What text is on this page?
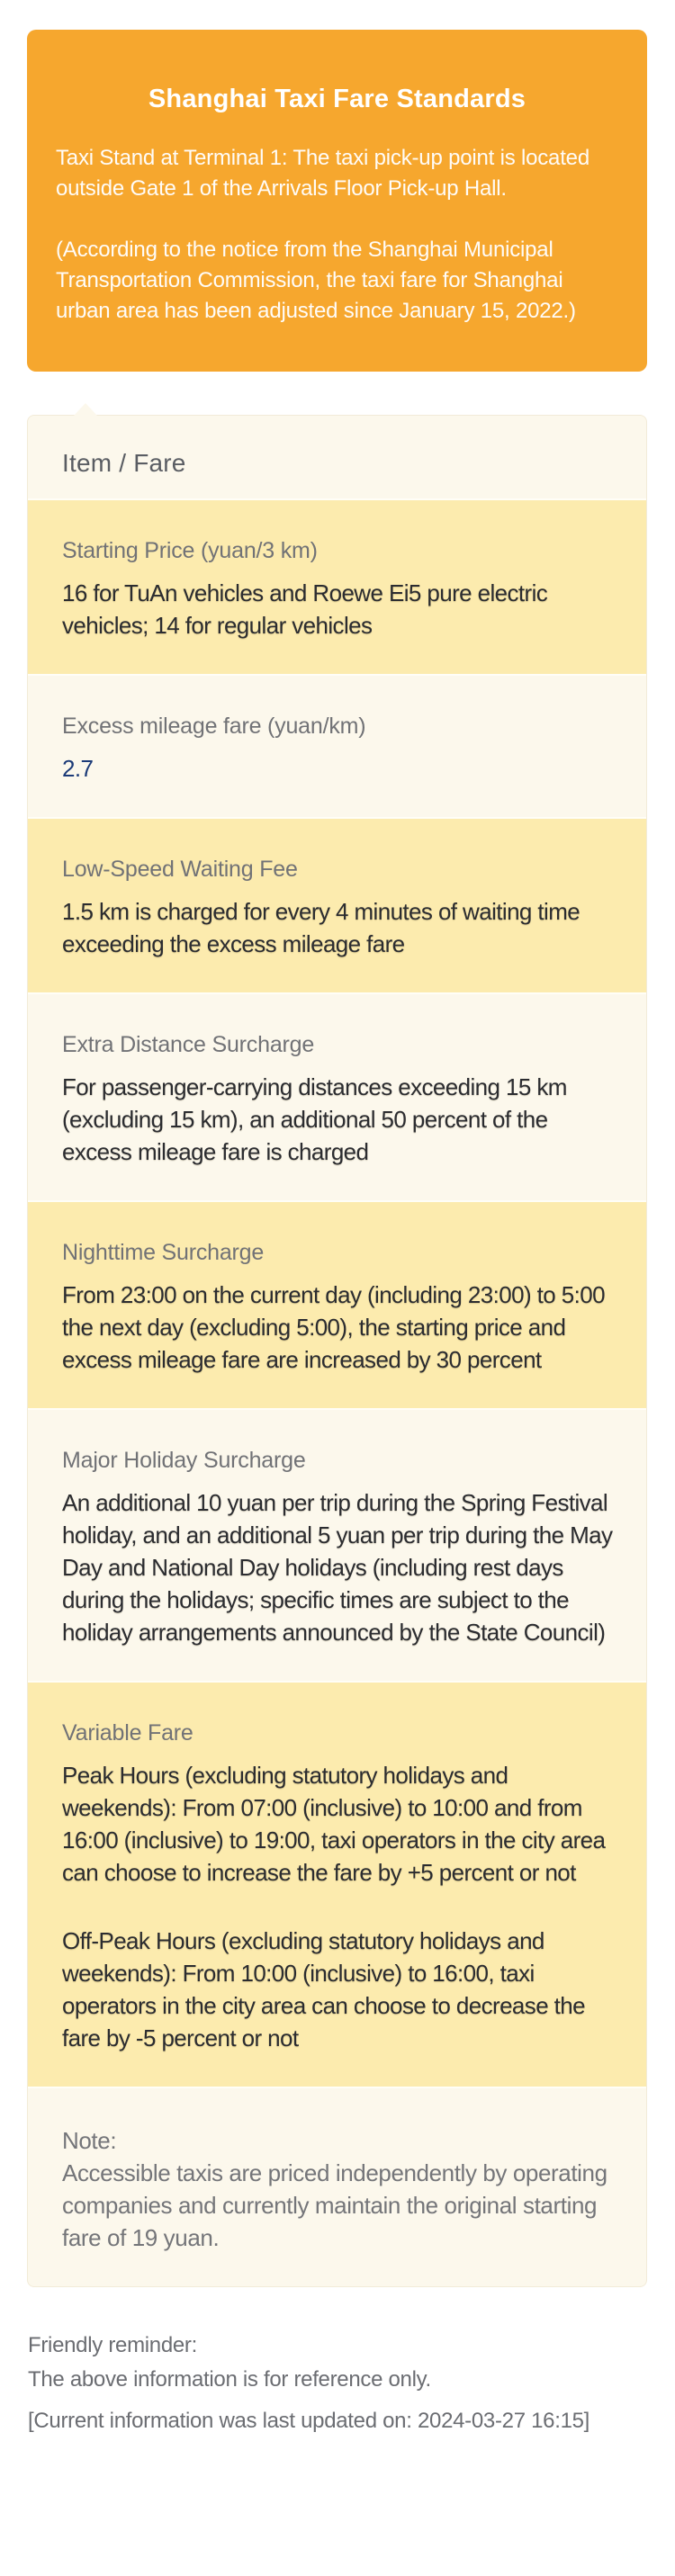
Shanghai Taxi Fare Standards
Taxi Stand at Terminal 1: The taxi pick-up point is located outside Gate 1 of the Arrivals Floor Pick-up Hall.
(According to the notice from the Shanghai Municipal Transportation Commission, the taxi fare for Shanghai urban area has been adjusted since January 15, 2022.)
Item / Fare
Starting Price (yuan/3 km)
16 for TuAn vehicles and Roewe Ei5 pure electric vehicles; 14 for regular vehicles
Excess mileage fare (yuan/km)
2.7
Low-Speed Waiting Fee
1.5 km is charged for every 4 minutes of waiting time exceeding the excess mileage fare
Extra Distance Surcharge
For passenger-carrying distances exceeding 15 km (excluding 15 km), an additional 50 percent of the excess mileage fare is charged
Nighttime Surcharge
From 23:00 on the current day (including 23:00) to 5:00 the next day (excluding 5:00), the starting price and excess mileage fare are increased by 30 percent
Major Holiday Surcharge
An additional 10 yuan per trip during the Spring Festival holiday, and an additional 5 yuan per trip during the May Day and National Day holidays (including rest days during the holidays; specific times are subject to the holiday arrangements announced by the State Council)
Variable Fare
Peak Hours (excluding statutory holidays and weekends): From 07:00 (inclusive) to 10:00 and from 16:00 (inclusive) to 19:00, taxi operators in the city area can choose to increase the fare by +5 percent or not
Off-Peak Hours (excluding statutory holidays and weekends): From 10:00 (inclusive) to 16:00, taxi operators in the city area can choose to decrease the fare by -5 percent or not
Note:
Accessible taxis are priced independently by operating companies and currently maintain the original starting fare of 19 yuan.
Friendly reminder:
The above information is for reference only.
[Current information was last updated on: 2024-03-27 16:15]
